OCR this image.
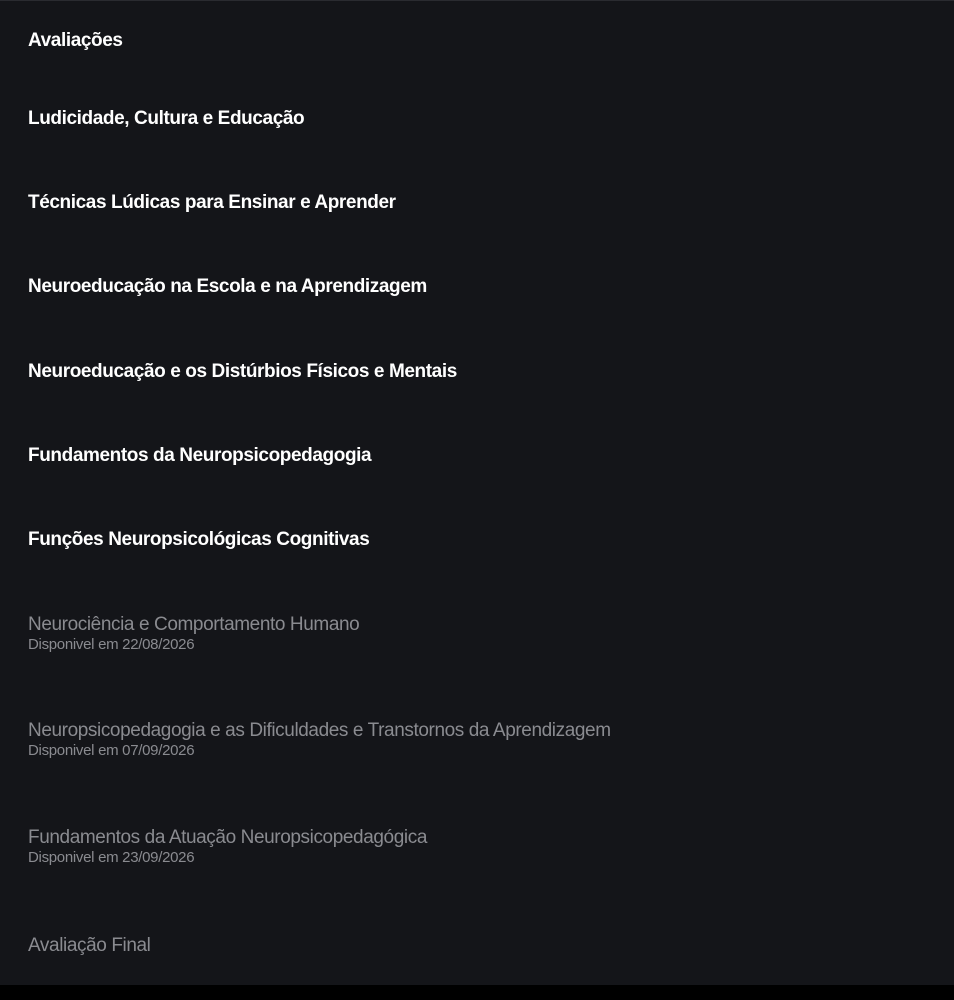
Avaliações
Ludicidade, Cultura e Educação
Técnicas Lúdicas para Ensinar e Aprender
Neuroeducação na Escola e na Aprendizagem
Neuroeducação e os Distúrbios Físicos e Mentais
Fundamentos da Neuropsicopedagogia
Funções Neuropsicológicas Cognitivas
Neurociência e Comportamento Humano
Disponivel em 22/08/2026
Neuropsicopedagogia e as Dificuldades e Transtornos da Aprendizagem
Disponivel em 07/09/2026
Fundamentos da Atuação Neuropsicopedagógica
Disponivel em 23/09/2026
Avaliação Final
